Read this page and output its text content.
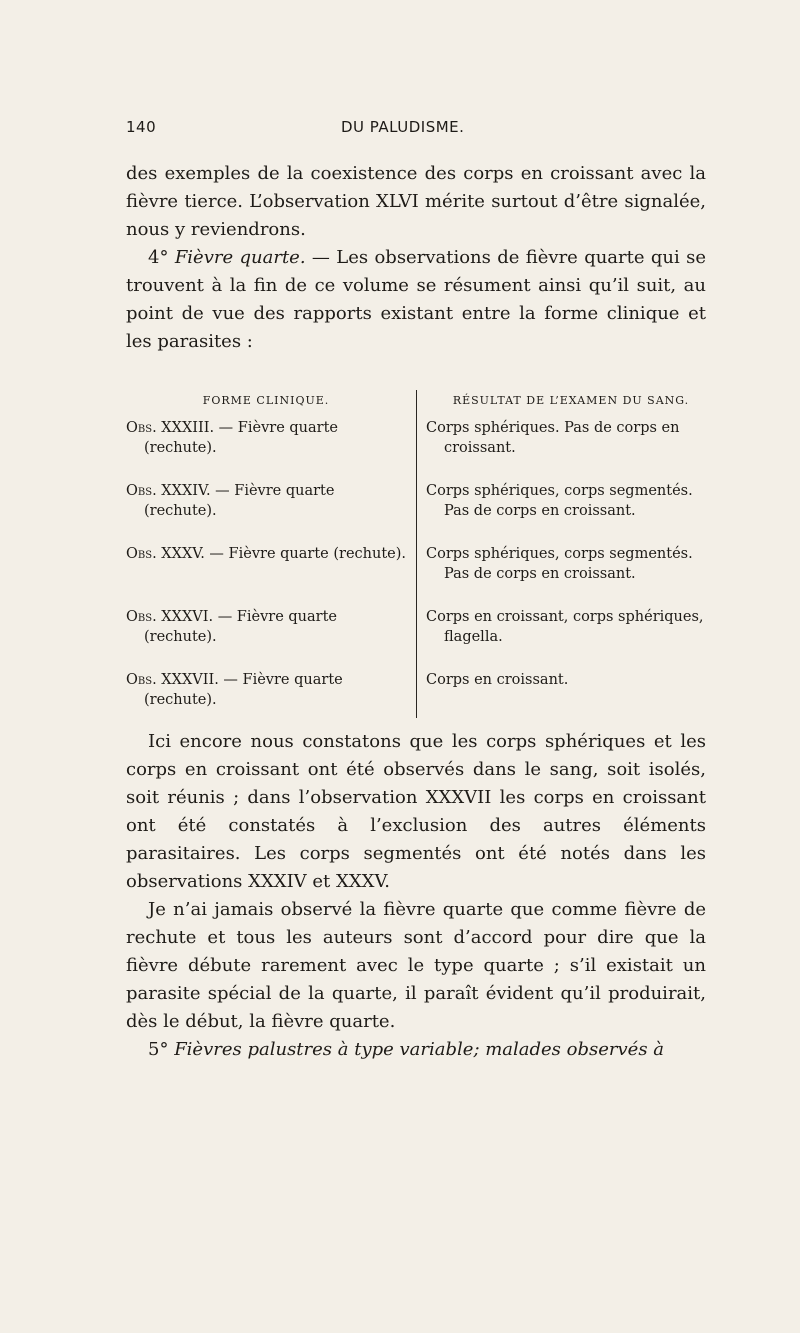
140	DU PALUDISME.

des exemples de la coexistence des corps en croissant avec la fièvre tierce. L’observation XLVI mérite surtout d’être signalée, nous y reviendrons.

4° Fièvre quarte. — Les observations de fièvre quarte qui se trouvent à la fin de ce volume se résument ainsi qu’il suit, au point de vue des rapports existant entre la forme clinique et les parasites :

FORME CLINIQUE.
Obs. XXXIII. — Fièvre quarte (rechute).
Obs. XXXIV. — Fièvre quarte (rechute).
Obs. XXXV. — Fièvre quarte (rechute).
Obs. XXXVI. — Fièvre quarte (rechute).
Obs. XXXVII. — Fièvre quarte (rechute).
RÉSULTAT DE L’EXAMEN DU SANG.
Corps sphériques. Pas de corps en croissant.
Corps sphériques, corps segmentés. Pas de corps en croissant.
Corps sphériques, corps segmentés. Pas de corps en croissant.
Corps en croissant, corps sphériques, flagella.
Corps en croissant.

Ici encore nous constatons que les corps sphériques et les corps en croissant ont été observés dans le sang, soit isolés, soit réunis ; dans l’observation XXXVII les corps en croissant ont été constatés à l’exclusion des autres éléments parasitaires. Les corps segmentés ont été notés dans les observations XXXIV et XXXV.

Je n’ai jamais observé la fièvre quarte que comme fièvre de rechute et tous les auteurs sont d’accord pour dire que la fièvre débute rarement avec le type quarte ; s’il existait un parasite spécial de la quarte, il paraît évident qu’il produirait, dès le début, la fièvre quarte.

5° Fièvres palustres à type variable; malades observés à
